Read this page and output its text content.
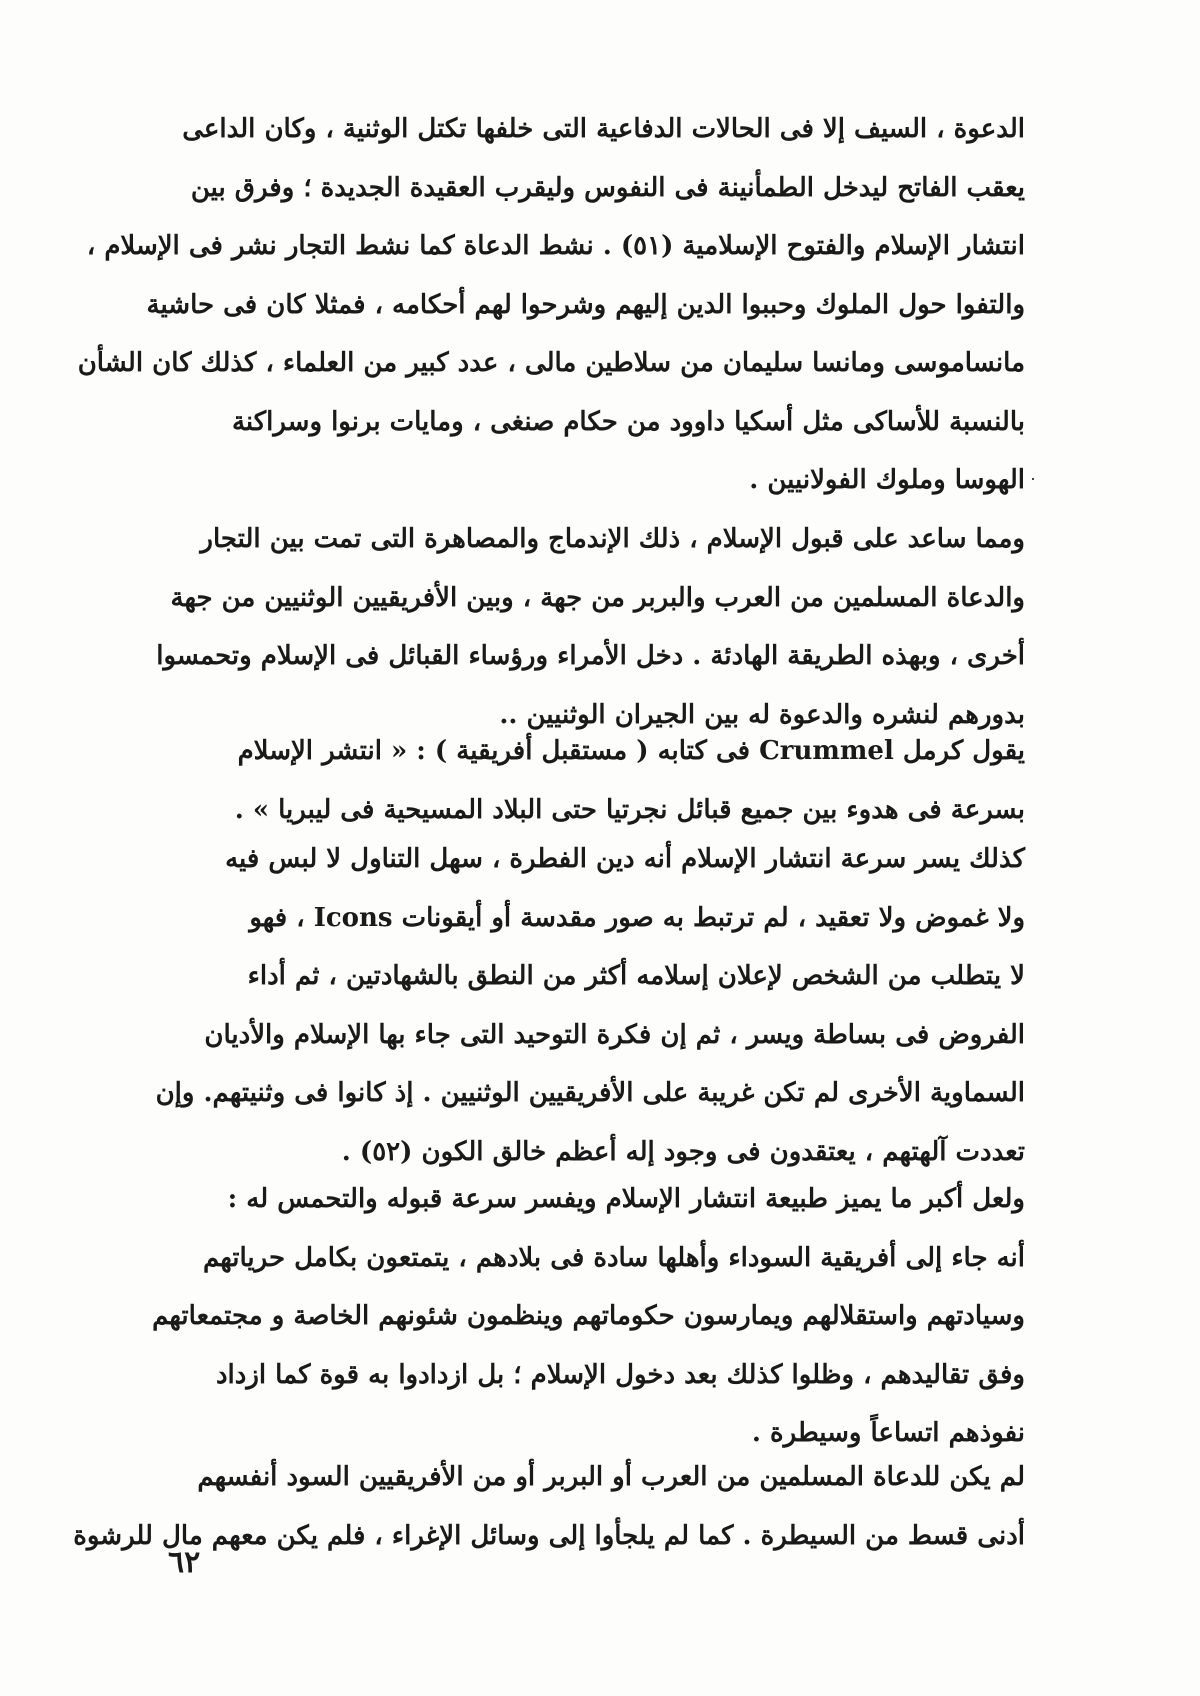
الدعوة ، السيف إلا فى الحالات الدفاعية التى خلفها تكتل الوثنية ، وكان الداعى
يعقب الفاتح ليدخل الطمأنينة فى النفوس وليقرب العقيدة الجديدة ؛ وفرق بين
انتشار الإسلام والفتوح الإسلامية (٥١) . نشط الدعاة كما نشط التجار نشر فى الإسلام ،
والتفوا حول الملوك وحببوا الدين إليهم وشرحوا لهم أحكامه ، فمثلا كان فى حاشية
مانساموسى ومانسا سليمان من سلاطين مالى ، عدد كبير من العلماء ، كذلك كان الشأن
بالنسبة للأساكى مثل أسكيا داوود من حكام صنغى ، ومايات برنوا وسراكنة
الهوسا وملوك الفولانيين .
ومما ساعد على قبول الإسلام ، ذلك الإندماج والمصاهرة التى تمت بين التجار
والدعاة المسلمين من العرب والبربر من جهة ، وبين الأفريقيين الوثنيين من جهة
أخرى ، وبهذه الطريقة الهادئة . دخل الأمراء ورؤساء القبائل فى الإسلام وتحمسوا
بدورهم لنشره والدعوة له بين الجيران الوثنيين ..
يقول كرمل Crummel فى كتابه ( مستقبل أفريقية ) : « انتشر الإسلام
بسرعة فى هدوء بين جميع قبائل نجرتيا حتى البلاد المسيحية فى ليبريا » .
كذلك يسر سرعة انتشار الإسلام أنه دين الفطرة ، سهل التناول لا لبس فيه
ولا غموض ولا تعقيد ، لم ترتبط به صور مقدسة أو أيقونات Icons ، فهو
لا يتطلب من الشخص لإعلان إسلامه أكثر من النطق بالشهادتين ، ثم أداء
الفروض فى بساطة ويسر ، ثم إن فكرة التوحيد التى جاء بها الإسلام والأديان
السماوية الأخرى لم تكن غريبة على الأفريقيين الوثنيين . إذ كانوا فى وثنيتهم. وإن
تعددت آلهتهم ، يعتقدون فى وجود إله أعظم خالق الكون (٥٢) .
ولعل أكبر ما يميز طبيعة انتشار الإسلام ويفسر سرعة قبوله والتحمس له :
أنه جاء إلى أفريقية السوداء وأهلها سادة فى بلادهم ، يتمتعون بكامل حرياتهم
وسيادتهم واستقلالهم ويمارسون حكوماتهم وينظمون شئونهم الخاصة و مجتمعاتهم
وفق تقاليدهم ، وظلوا كذلك بعد دخول الإسلام ؛ بل ازدادوا به قوة كما ازداد
نفوذهم اتساعاً وسيطرة .
لم يكن للدعاة المسلمين من العرب أو البربر أو من الأفريقيين السود أنفسهم
أدنى قسط من السيطرة . كما لم يلجأوا إلى وسائل الإغراء ، فلم يكن معهم مال للرشوة
٦٢
